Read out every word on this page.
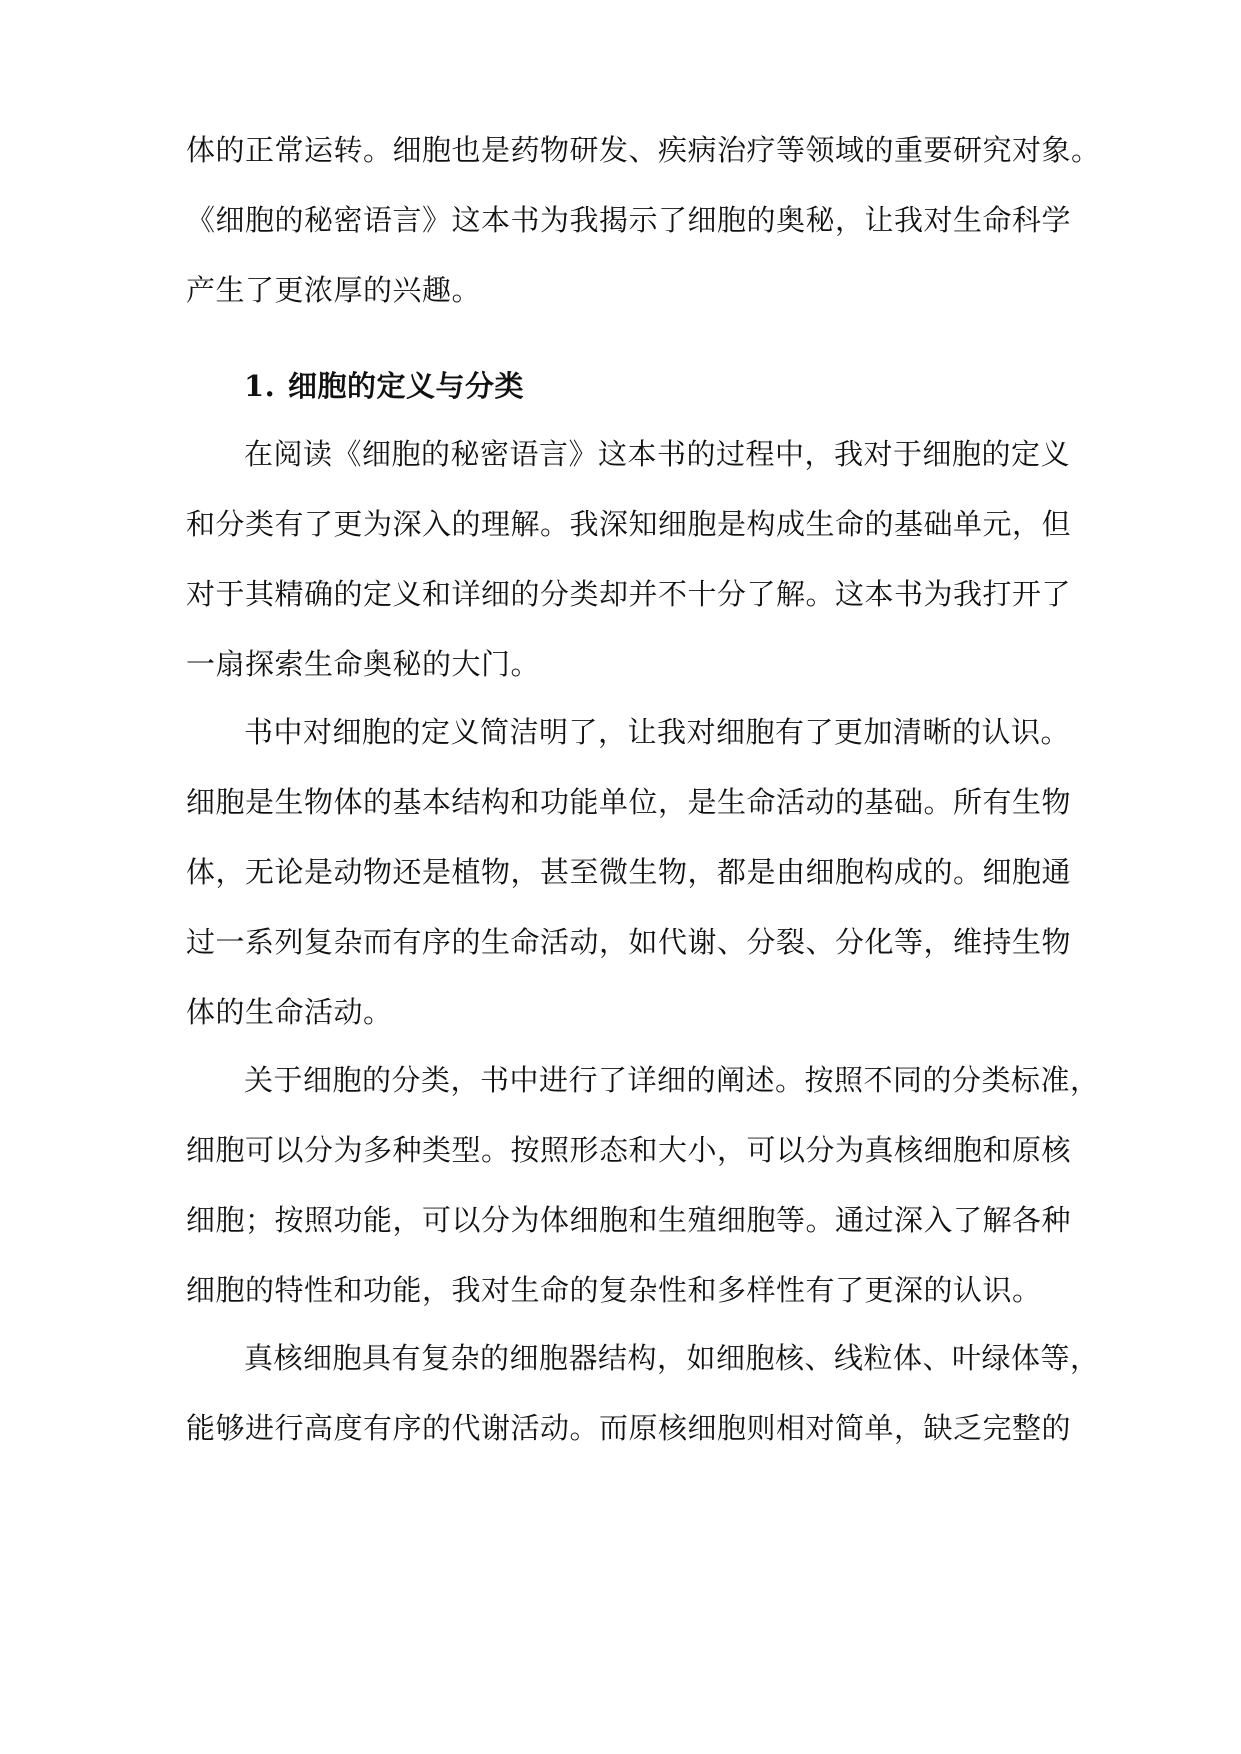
体的正常运转。细胞也是药物研发、疾病治疗等领域的重要研究对象。
《细胞的秘密语言》这本书为我揭示了细胞的奥秘，让我对生命科学
产生了更浓厚的兴趣。
1. 细胞的定义与分类
在阅读《细胞的秘密语言》这本书的过程中，我对于细胞的定义
和分类有了更为深入的理解。我深知细胞是构成生命的基础单元，但
对于其精确的定义和详细的分类却并不十分了解。这本书为我打开了
一扇探索生命奥秘的大门。
书中对细胞的定义简洁明了，让我对细胞有了更加清晰的认识。
细胞是生物体的基本结构和功能单位，是生命活动的基础。所有生物
体，无论是动物还是植物，甚至微生物，都是由细胞构成的。细胞通
过一系列复杂而有序的生命活动，如代谢、分裂、分化等，维持生物
体的生命活动。
关于细胞的分类，书中进行了详细的阐述。按照不同的分类标准，
细胞可以分为多种类型。按照形态和大小，可以分为真核细胞和原核
细胞；按照功能，可以分为体细胞和生殖细胞等。通过深入了解各种
细胞的特性和功能，我对生命的复杂性和多样性有了更深的认识。
真核细胞具有复杂的细胞器结构，如细胞核、线粒体、叶绿体等，
能够进行高度有序的代谢活动。而原核细胞则相对简单，缺乏完整的
